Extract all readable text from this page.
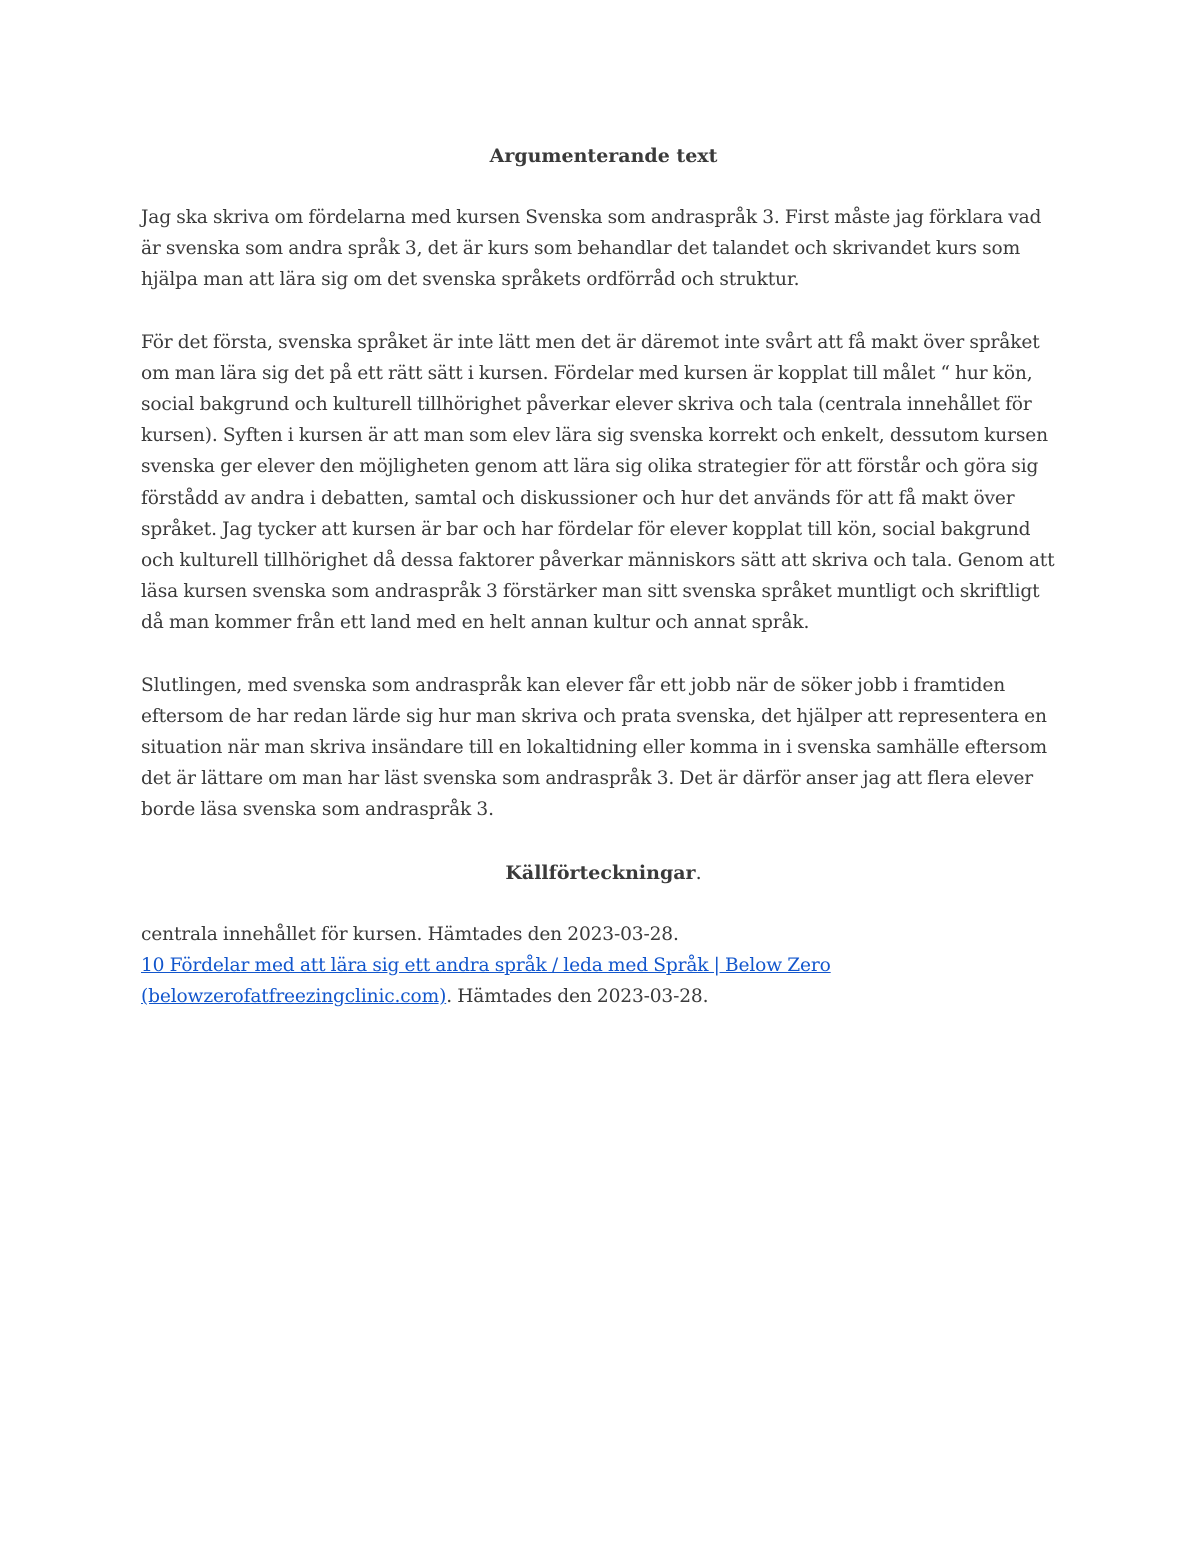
Argumenterande text

Jag ska skriva om fördelarna med kursen Svenska som andraspråk 3. First måste jag förklara vad är svenska som andra språk 3, det är kurs som behandlar det talandet och skrivandet kurs som hjälpa man att lära sig om det svenska språkets ordförråd och struktur.

För det första, svenska språket är inte lätt men det är däremot inte svårt att få makt över språket om man lära sig det på ett rätt sätt i kursen. Fördelar med kursen är kopplat till målet “ hur kön, social bakgrund och kulturell tillhörighet påverkar elever skriva och tala (centrala innehållet för kursen). Syften i kursen är att man som elev lära sig svenska korrekt och enkelt, dessutom kursen svenska ger elever den möjligheten genom att lära sig olika strategier för att förstår och göra sig förstådd av andra i debatten, samtal och diskussioner och hur det används för att få makt över språket. Jag tycker att kursen är bar och har fördelar för elever kopplat till kön, social bakgrund och kulturell tillhörighet då dessa faktorer påverkar människors sätt att skriva och tala. Genom att läsa kursen svenska som andraspråk 3 förstärker man sitt svenska språket muntligt och skriftligt då man kommer från ett land med en helt annan kultur och annat språk.

Slutlingen, med svenska som andraspråk kan elever får ett jobb när de söker jobb i framtiden eftersom de har redan lärde sig hur man skriva och prata svenska, det hjälper att representera en situation när man skriva insändare till en lokaltidning eller komma in i svenska samhälle eftersom det är lättare om man har läst svenska som andraspråk 3. Det är därför anser jag att flera elever borde läsa svenska som andraspråk 3.

Källförteckningar.

centrala innehållet för kursen. Hämtades den 2023-03-28.

10 Fördelar med att lära sig ett andra språk / leda med Språk | Below Zero (belowzerofatfreezingclinic.com). Hämtades den 2023-03-28.
